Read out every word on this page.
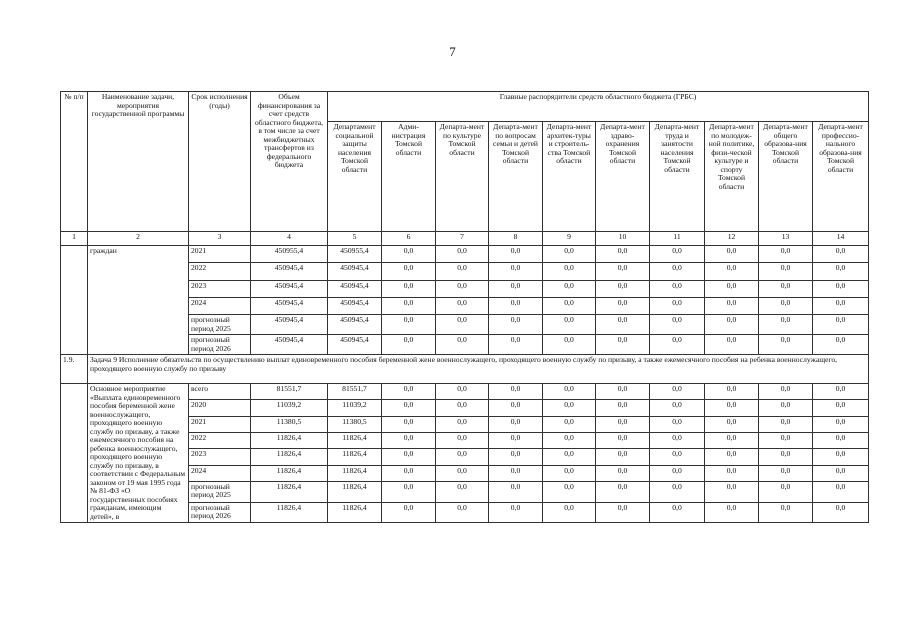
7
№ п/п	Наименование задачи, мероприятия государственной программы	Срок исполнения (годы)	Объем финансирования за счет средств областного бюджета, в том числе за счет межбюджетных трансфертов из федерального бюджета	Главные распорядители средств областного бюджета (ГРБС)									
				Департамент социальной защиты населения Томской области	Адми-нистрация Томской области	Департа-мент по культуре Томской области	Департа-мент по вопросам семьи и детей Томской области	Департа-мент архитек-туры и строитель-ства Томской области	Департа-мент здраво-охранения Томской области	Департа-мент труда и занятости населения Томской области	Департа-мент по молодеж-ной политике, физи-ческой культуре и спорту Томской области	Департа-мент общего образова-ния Томской области	Департа-мент профессио-нального образова-ния Томской области
1	2	3	4	5	6	7	8	9	10	11	12	13	14
	граждан	2021	450955,4	450955,4	0,0	0,0	0,0	0,0	0,0	0,0	0,0	0,0	0,0
		2022	450945,4	450945,4	0,0	0,0	0,0	0,0	0,0	0,0	0,0	0,0	0,0
		2023	450945,4	450945,4	0,0	0,0	0,0	0,0	0,0	0,0	0,0	0,0	0,0
		2024	450945,4	450945,4	0,0	0,0	0,0	0,0	0,0	0,0	0,0	0,0	0,0
		прогнозный период 2025	450945,4	450945,4	0,0	0,0	0,0	0,0	0,0	0,0	0,0	0,0	0,0
		прогнозный период 2026	450945,4	450945,4	0,0	0,0	0,0	0,0	0,0	0,0	0,0	0,0	0,0
1.9.	Задача 9 Исполнение обязательств по осуществлению выплат единовременного пособия беременной жене военнослужащего, проходящего военную службу по призыву, а также ежемесячного пособия на ребенка военнослужащего, проходящего военную службу по призыву												
	Основное мероприятие «Выплата единовременного пособия беременной жене военнослужащего, проходящего военную службу по призыву, а также ежемесячного пособия на ребенка военнослужащего, проходящего военную службу по призыву, в соответствии с Федеральным законом от 19 мая 1995 года № 81-ФЗ «О государственных пособиях гражданам, имеющим детей», в	всего	81551,7	81551,7	0,0	0,0	0,0	0,0	0,0	0,0	0,0	0,0	0,0
		2020	11039,2	11039,2	0,0	0,0	0,0	0,0	0,0	0,0	0,0	0,0	0,0
		2021	11380,5	11380,5	0,0	0,0	0,0	0,0	0,0	0,0	0,0	0,0	0,0
		2022	11826,4	11826,4	0,0	0,0	0,0	0,0	0,0	0,0	0,0	0,0	0,0
		2023	11826,4	11826,4	0,0	0,0	0,0	0,0	0,0	0,0	0,0	0,0	0,0
		2024	11826,4	11826,4	0,0	0,0	0,0	0,0	0,0	0,0	0,0	0,0	0,0
		прогнозный период 2025	11826,4	11826,4	0,0	0,0	0,0	0,0	0,0	0,0	0,0	0,0	0,0
		прогнозный период 2026	11826,4	11826,4	0,0	0,0	0,0	0,0	0,0	0,0	0,0	0,0	0,0
